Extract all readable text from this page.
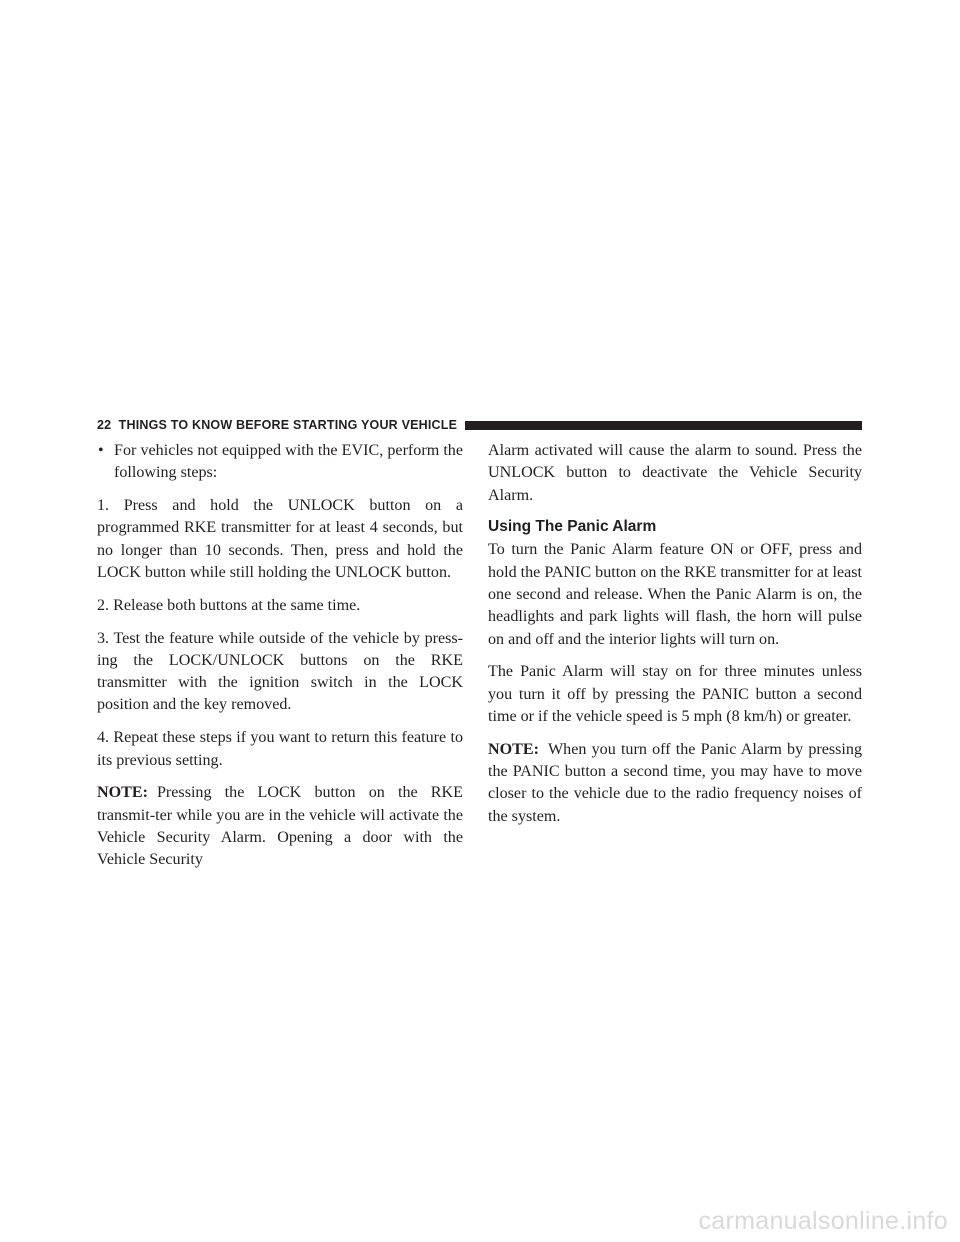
22 THINGS TO KNOW BEFORE STARTING YOUR VEHICLE
• For vehicles not equipped with the EVIC, perform the following steps:

1. Press and hold the UNLOCK button on a programmed RKE transmitter for at least 4 seconds, but no longer than 10 seconds. Then, press and hold the LOCK button while still holding the UNLOCK button.

2. Release both buttons at the same time.

3. Test the feature while outside of the vehicle by press-ing the LOCK/UNLOCK buttons on the RKE transmitter with the ignition switch in the LOCK position and the key removed.

4. Repeat these steps if you want to return this feature to its previous setting.

NOTE: Pressing the LOCK button on the RKE transmit-ter while you are in the vehicle will activate the Vehicle Security Alarm. Opening a door with the Vehicle Security

Alarm activated will cause the alarm to sound. Press the UNLOCK button to deactivate the Vehicle Security Alarm.

Using The Panic Alarm

To turn the Panic Alarm feature ON or OFF, press and hold the PANIC button on the RKE transmitter for at least one second and release. When the Panic Alarm is on, the headlights and park lights will flash, the horn will pulse on and off and the interior lights will turn on.

The Panic Alarm will stay on for three minutes unless you turn it off by pressing the PANIC button a second time or if the vehicle speed is 5 mph (8 km/h) or greater.

NOTE: When you turn off the Panic Alarm by pressing the PANIC button a second time, you may have to move closer to the vehicle due to the radio frequency noises of the system.

carmanualsonline.info
